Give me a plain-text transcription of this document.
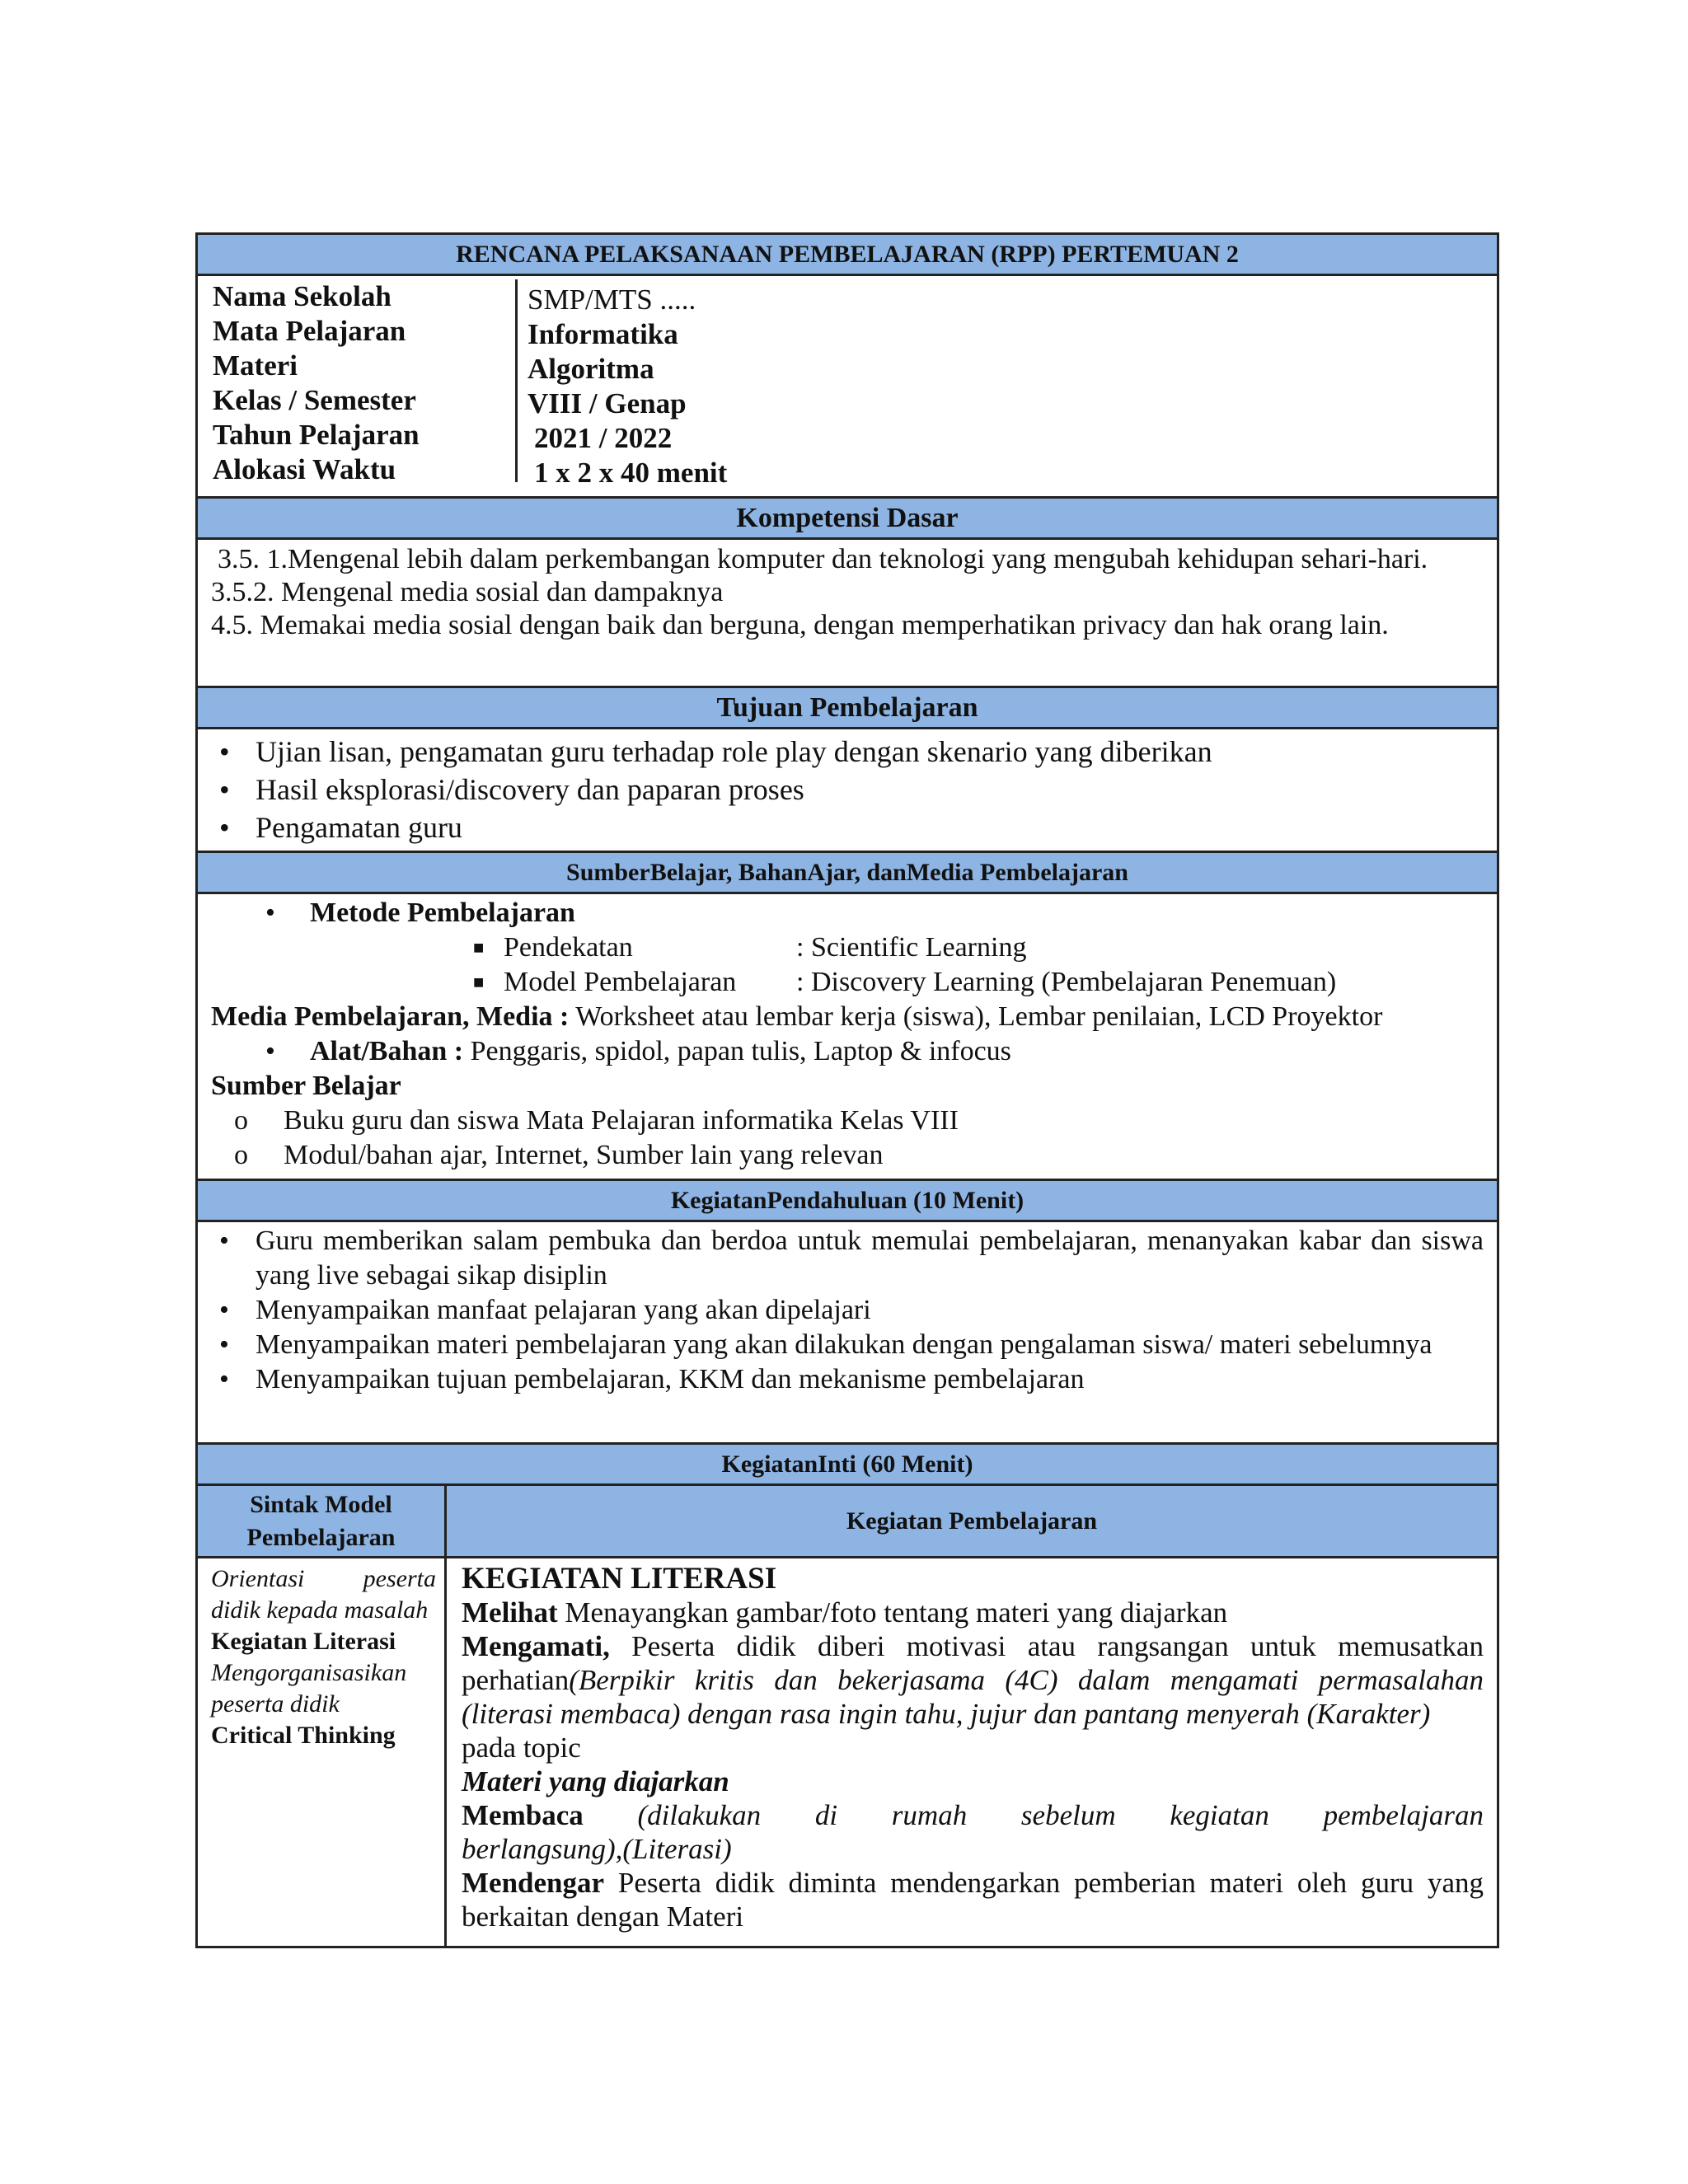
RENCANA PELAKSANAAN PEMBELAJARAN (RPP) PERTEMUAN 2
Nama Sekolah
Mata Pelajaran
Materi
Kelas / Semester
Tahun Pelajaran
Alokasi Waktu
SMP/MTS .....
Informatika
Algoritma
VIII / Genap
2021 / 2022
1 x 2 x 40 menit
Kompetensi Dasar
3.5. 1.Mengenal lebih dalam perkembangan komputer dan teknologi yang mengubah kehidupan sehari-hari.
3.5.2. Mengenal media sosial dan dampaknya
4.5. Memakai media sosial dengan baik dan berguna, dengan memperhatikan privacy dan hak orang lain.
Tujuan Pembelajaran
• Ujian lisan, pengamatan guru terhadap role play dengan skenario yang diberikan
• Hasil eksplorasi/discovery dan paparan proses
• Pengamatan guru
SumberBelajar, BahanAjar, danMedia Pembelajaran
• Metode Pembelajaran
■ Pendekatan	: Scientific Learning
■ Model Pembelajaran : Discovery Learning (Pembelajaran Penemuan)
Media Pembelajaran, Media : Worksheet atau lembar kerja (siswa), Lembar penilaian, LCD Proyektor
• Alat/Bahan : Penggaris, spidol, papan tulis, Laptop & infocus
Sumber Belajar
o Buku guru dan siswa Mata Pelajaran informatika Kelas VIII
o Modul/bahan ajar, Internet, Sumber lain yang relevan
KegiatanPendahuluan (10 Menit)
• Guru memberikan salam pembuka dan berdoa untuk memulai pembelajaran, menanyakan kabar dan siswa yang live sebagai sikap disiplin
• Menyampaikan manfaat pelajaran yang akan dipelajari
• Menyampaikan materi pembelajaran yang akan dilakukan dengan pengalaman siswa/ materi sebelumnya
• Menyampaikan tujuan pembelajaran, KKM dan mekanisme pembelajaran
KegiatanInti (60 Menit)
Sintak Model Pembelajaran
Kegiatan Pembelajaran
Orientasi peserta didik kepada masalah
Kegiatan Literasi
Mengorganisasikan peserta didik
Critical Thinking
KEGIATAN LITERASI
Melihat Menayangkan gambar/foto tentang materi yang diajarkan
Mengamati, Peserta didik diberi motivasi atau rangsangan untuk memusatkan
perhatian(Berpikir kritis dan bekerjasama (4C) dalam mengamati permasalahan
(literasi membaca) dengan rasa ingin tahu, jujur dan pantang menyerah (Karakter)
pada topic
Materi yang diajarkan
Membaca (dilakukan di rumah sebelum kegiatan pembelajaran
berlangsung),(Literasi)
Mendengar Peserta didik diminta mendengarkan pemberian materi oleh guru yang
berkaitan dengan Materi
